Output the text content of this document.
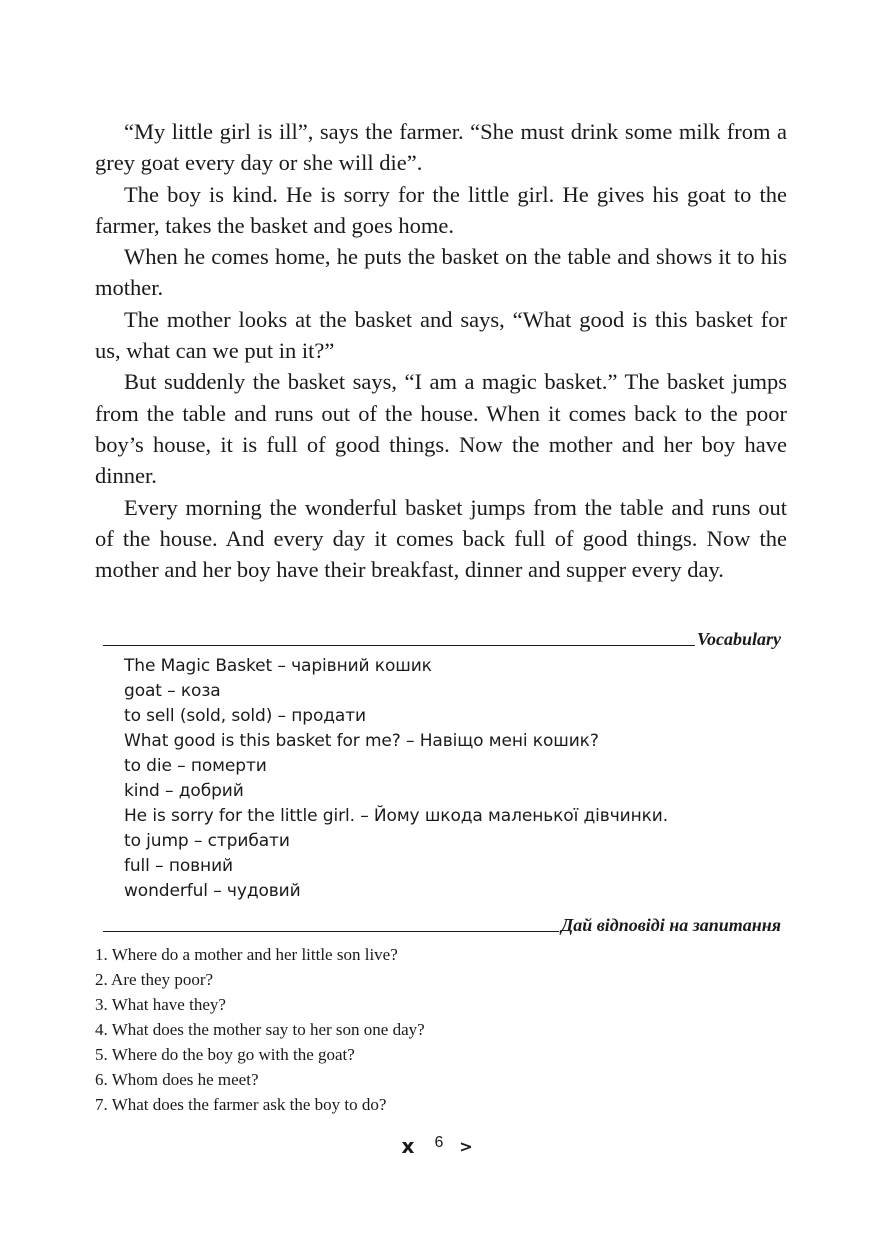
“My little girl is ill”, says the farmer. “She must drink some milk from a grey goat every day or she will die”.

The boy is kind. He is sorry for the little girl. He gives his goat to the farmer, takes the basket and goes home.

When he comes home, he puts the basket on the table and shows it to his mother.

The mother looks at the basket and says, “What good is this basket for us, what can we put in it?”

But suddenly the basket says, “I am a magic basket.” The basket jumps from the table and runs out of the house. When it comes back to the poor boy’s house, it is full of good things. Now the mother and her boy have dinner.

Every morning the wonderful basket jumps from the table and runs out of the house. And every day it comes back full of good things. Now the mother and her boy have their breakfast, dinner and supper every day.

Vocabulary
The Magic Basket – чарівний кошик
goat – коза
to sell (sold, sold) – продати
What good is this basket for me? – Навіщо мені кошик?
to die – померти
kind – добрий
He is sorry for the little girl. – Йому шкода маленької дівчинки.
to jump – стрибати
full – повний
wonderful – чудовий
Дай відповіді на запитання
1. Where do a mother and her little son live?
2. Are they poor?
3. What have they?
4. What does the mother say to her son one day?
5. Where do the boy go with the goat?
6. Whom does he meet?
7. What does the farmer ask the boy to do?
x	6 >
